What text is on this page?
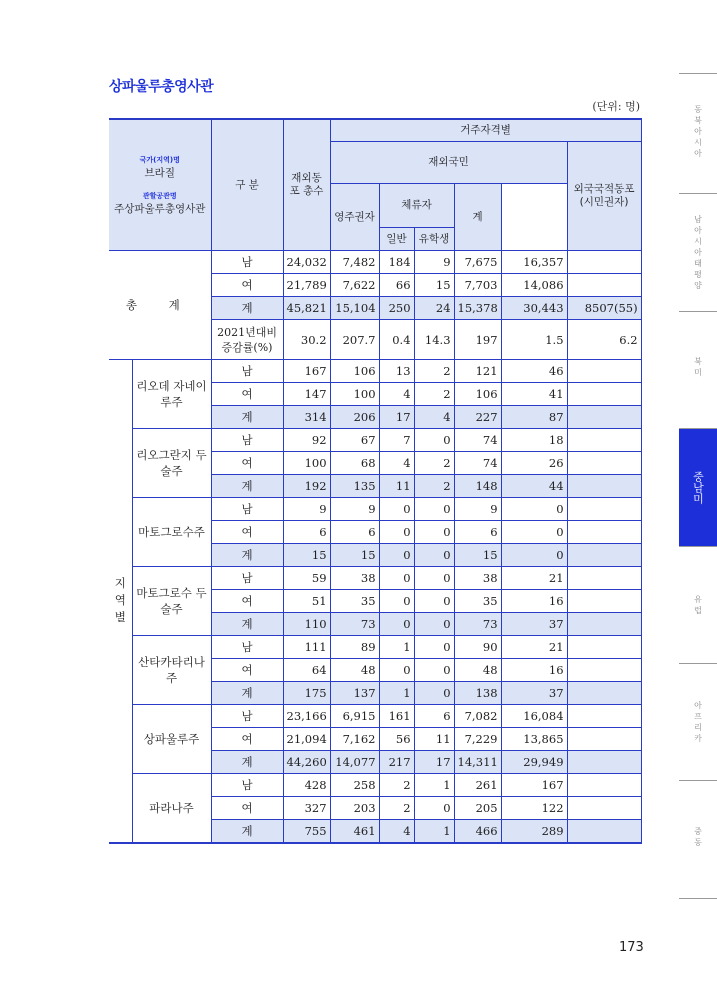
상파울루총영사관
(단위: 명)
국가(지역)명
브라질
관할공관명
주상파울루총영사관		구 분	재외동포 총수	거주자격별	
				재외국민					외국국적동포 (시민권자)	
				영주권자	체류자		계			
					일반	유학생				
총 계		남	24,032	7,482	184	9	7,675	16,357		
		여	21,789	7,622	66	15	7,703	14,086		
		계	45,821	15,104	250	24	15,378	30,443	8507(55)	
		2021년대비 증감률(%)	30.2	207.7	0.4	14.3	197	1.5	6.2	
지역별	리오데 자네이루주	남	167	106	13	2	121	46		
		여	147	100	4	2	106	41		
		계	314	206	17	4	227	87		
	리오그란지 두술주	남	92	67	7	0	74	18		
		여	100	68	4	2	74	26		
		계	192	135	11	2	148	44		
	마토그로수주	남	9	9	0	0	9	0		
		여	6	6	0	0	6	0		
		계	15	15	0	0	15	0		
	마토그로수 두술주	남	59	38	0	0	38	21		
		여	51	35	0	0	35	16		
		계	110	73	0	0	73	37		
	산타카타리나 주	남	111	89	1	0	90	21		
		여	64	48	0	0	48	16		
		계	175	137	1	0	138	37		
	상파울루주	남	23,166	6,915	161	6	7,082	16,084		
		여	21,094	7,162	56	11	7,229	13,865		
		계	44,260	14,077	217	17	14,311	29,949		
	파라나주	남	428	258	2	1	261	167		
		여	327	203	2	0	205	122		
		계	755	461	4	1	466	289		
동북아시아
남아시아태평양
북미
중남미
유럽
아프리카
중동
173
